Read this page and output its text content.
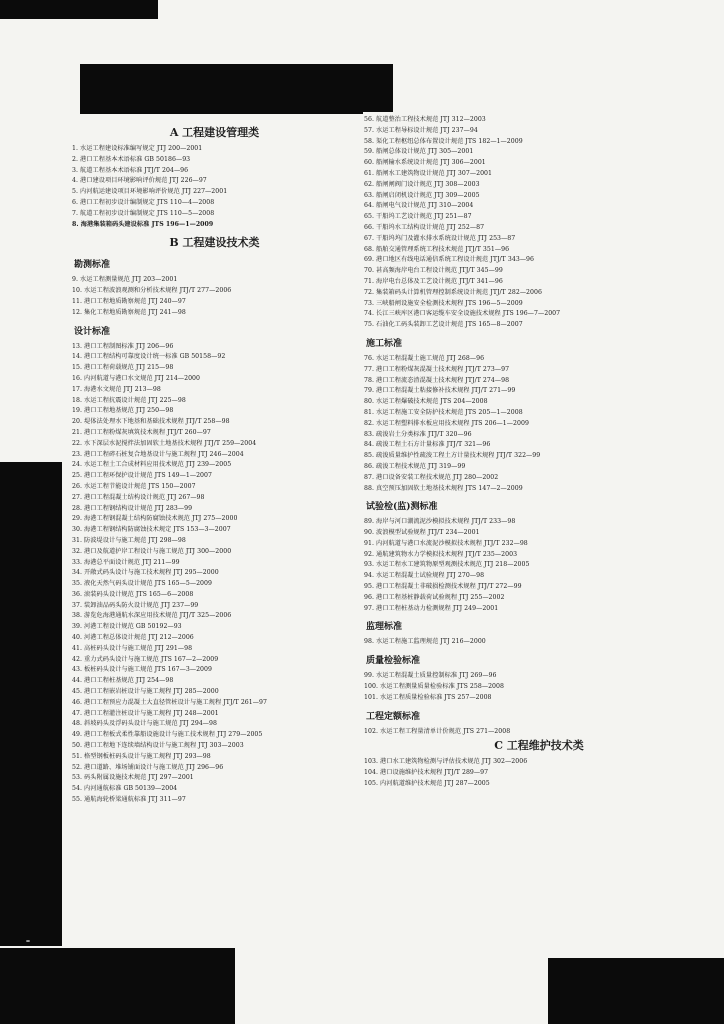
A 工程建设管理类
1. 水运工程建设标准编写规定 JTJ 200—2001
2. 港口工程基本术语标准 GB 50186—93
3. 航道工程基本术语标准 JTJ/T 204—96
4. 港口建设项目环境影响评价规范 JTJ 226—97
5. 内河航运建设项目环境影响评价规范 JTJ 227—2001
6. 港口工程初步设计编制规定 JTS 110—4—2008
7. 航道工程初步设计编制规定 JTS 110—5—2008
8. 海港集装箱码头建设标准 JTS 196—1—2009
B 工程建设技术类
勘测标准
9. 水运工程测量规范 JTJ 203—2001
10. 水运工程波浪观测和分析技术规程 JTJ/T 277—2006
11. 港口工程地质勘察规范 JTJ 240—97
12. 集化工程地质勘察规范 JTJ 241—98
设计标准
13. 港口工程制图标准 JTJ 206—96
14. 港口工程结构可靠度设计统一标准 GB 50158—92
15. 港口工程荷载规范 JTJ 215—98
16. 内河航道与港口水文规范 JTJ 214—2000
17. 海港水文规范 JTJ 213—98
18. 水运工程抗震设计规范 JTJ 225—98
19. 港口工程地基规范 JTJ 250—98
20. 堤体法处理水下地基和基础技术规程 JTJ/T 258—98
21. 港口工程粉煤灰填筑技术规程 JTJ/T 260—97
22. 水下深层水泥搅拌法加固软土地基技术规程 JTJ/T 259—2004
23. 港口工程碎石桩复合地基设计与施工规程 JTJ 246—2004
24. 水运工程土工合成材料应用技术规范 JTJ 239—2005
25. 港口工程环保护设计规范 JTS 149—1—2007
26. 水运工程节能设计规范 JTS 150—2007
27. 港口工程混凝土结构设计规范 JTJ 267—98
28. 港口工程钢结构设计规范 JTJ 283—99
29. 海港工程钢混凝土结构防腐蚀技术规范 JTJ 275—2000
30. 海港工程钢结构防腐蚀技术规定 JTS 153—3—2007
31. 防波堤设计与施工规范 JTJ 298—98
32. 港口及航道护岸工程设计与施工规范 JTJ 300—2000
33. 海港总平面设计规范 JTJ 211—99
34. 开敞式码头设计与施工技术规程 JTJ 295—2000
35. 液化天然气码头设计规范 JTS 165—5—2009
36. 滚装码头设计规范 JTS 165—6—2008
37. 装卸油品码头防火设计规范 JTJ 237—99
38. 游览危海港通航水深应用技术规范 JTJ/T 325—2006
39. 河港工程设计规范 GB 50192—93
40. 河港工程总体设计规范 JTJ 212—2006
41. 高桩码头设计与施工规范 JTJ 291—98
42. 重力式码头设计与施工规范 JTS 167—2—2009
43. 板桩码头设计与施工规范 JTS 167—3—2009
44. 港口工程桩基规范 JTJ 254—98
45. 港口工程嵌岩桩设计与施工规程 JTJ 285—2000
46. 港口工程预应力混凝土大直径管桩设计与施工规程 JTJ/T 261—97
47. 港口工程灌注桩设计与施工规程 JTJ 248—2001
48. 斜坡码头及浮码头设计与施工规范 JTJ 294—98
49. 港口工程板式柔性靠船设施设计与施工技术规程 JTJ 279—2005
50. 港口工程地下连续墙结构设计与施工规程 JTJ 303—2003
51. 格型钢板桩码头设计与施工规程 JTJ 293—98
52. 港口道路、堆场铺面设计与施工规范 JTJ 296—96
53. 码头附属设施技术规范 JTJ 297—2001
54. 内河通航标准 GB 50139—2004
55. 通航海轮桥梁通航标准 JTJ 311—97
56. 航道整治工程技术规范 JTJ 312—2003
57. 水运工程导标设计规范 JTJ 237—94
58. 渠化工程枢纽总体布置设计规范 JTS 182—1—2009
59. 船闸总体设计规范 JTJ 305—2001
60. 船闸输水系统设计规范 JTJ 306—2001
61. 船闸水工建筑物设计规范 JTJ 307—2001
62. 船闸闸阀门设计规范 JTJ 308—2003
63. 船闸启闭机设计规范 JTJ 309—2005
64. 船闸电气设计规范 JTJ 310—2004
65. 干船坞工艺设计规范 JTJ 251—87
66. 干船坞水工结构设计规范 JTJ 252—87
67. 干船坞坞门及灌水排水系统设计规范 JTJ 253—87
68. 船舶交通管理系统工程技术规范 JTJ/T 351—96
69. 港口地区有线电话通信系统工程设计规范 JTJ/T 343—96
70. 甚高频海岸电台工程设计规范 JTJ/T 345—99
71. 海岸电台总体及工艺设计规范 JTJ/T 341—96
72. 集装箱码头计算机管理控制系统设计规范 JTJ/T 282—2006
73. 三峡船闸设施安全检测技术规程 JTS 196—5—2009
74. 长江三峡库区港口客运缆车安全设施技术规程 JTS 196—7—2007
75. 石油化工码头装卸工艺设计规范 JTS 165—8—2007
施工标准
76. 水运工程混凝土施工规范 JTJ 268—96
77. 港口工程粉煤灰混凝土技术规程 JTJ/T 273—97
78. 港口工程流态渣混凝土技术规程 JTJ/T 274—98
79. 港口工程混凝土粘接修补技术规程 JTJ/T 271—99
80. 水运工程爆破技术规范 JTS 204—2008
81. 水运工程施工安全防护技术规范 JTS 205—1—2008
82. 水运工程塑料排水板应用技术规程 JTS 206—1—2009
83. 疏浚岩土分类标准 JTJ/T 320—96
84. 疏浚工程土石方计量标准 JTJ/T 321—96
85. 疏浚质量维护性疏浚工程土方计量技术规程 JTJ/T 322—99
86. 疏浚工程技术规范 JTJ 319—99
87. 港口设备安装工程技术规范 JTJ 280—2002
88. 真空预压加固软土地基技术规程 JTS 147—2—2009
试验检(监)测标准
89. 海岸与河口潮流泥沙模拟技术规程 JTJ/T 233—98
90. 波浪模型试验规程 JTJ/T 234—2001
91. 内河航道与港口水流泥沙模拟技术规程 JTJ/T 232—98
92. 通航建筑物水力学模拟技术规程 JTJ/T 235—2003
93. 水运工程水工建筑物原型观测技术规范 JTJ 218—2005
94. 水运工程混凝土试验规程 JTJ 270—98
95. 港口工程混凝土非破损检测技术规程 JTJ/T 272—99
96. 港口工程基桩静载荷试验规程 JTJ 255—2002
97. 港口工程桩基动力检测规程 JTJ 249—2001
监理标准
98. 水运工程施工监理规范 JTJ 216—2000
质量检验标准
99. 水运工程混凝土质量控制标准 JTJ 269—96
100. 水运工程测量质量检验标准 JTS 258—2008
101. 水运工程质量检验标准 JTS 257—2008
工程定额标准
102. 水运工程工程量清单计价规范 JTS 271—2008
C 工程维护技术类
103. 港口水工建筑物检测与评估技术规范 JTJ 302—2006
104. 港口设施维护技术规程 JTJ/T 289—97
105. 内河航道维护技术规范 JTJ 287—2005
